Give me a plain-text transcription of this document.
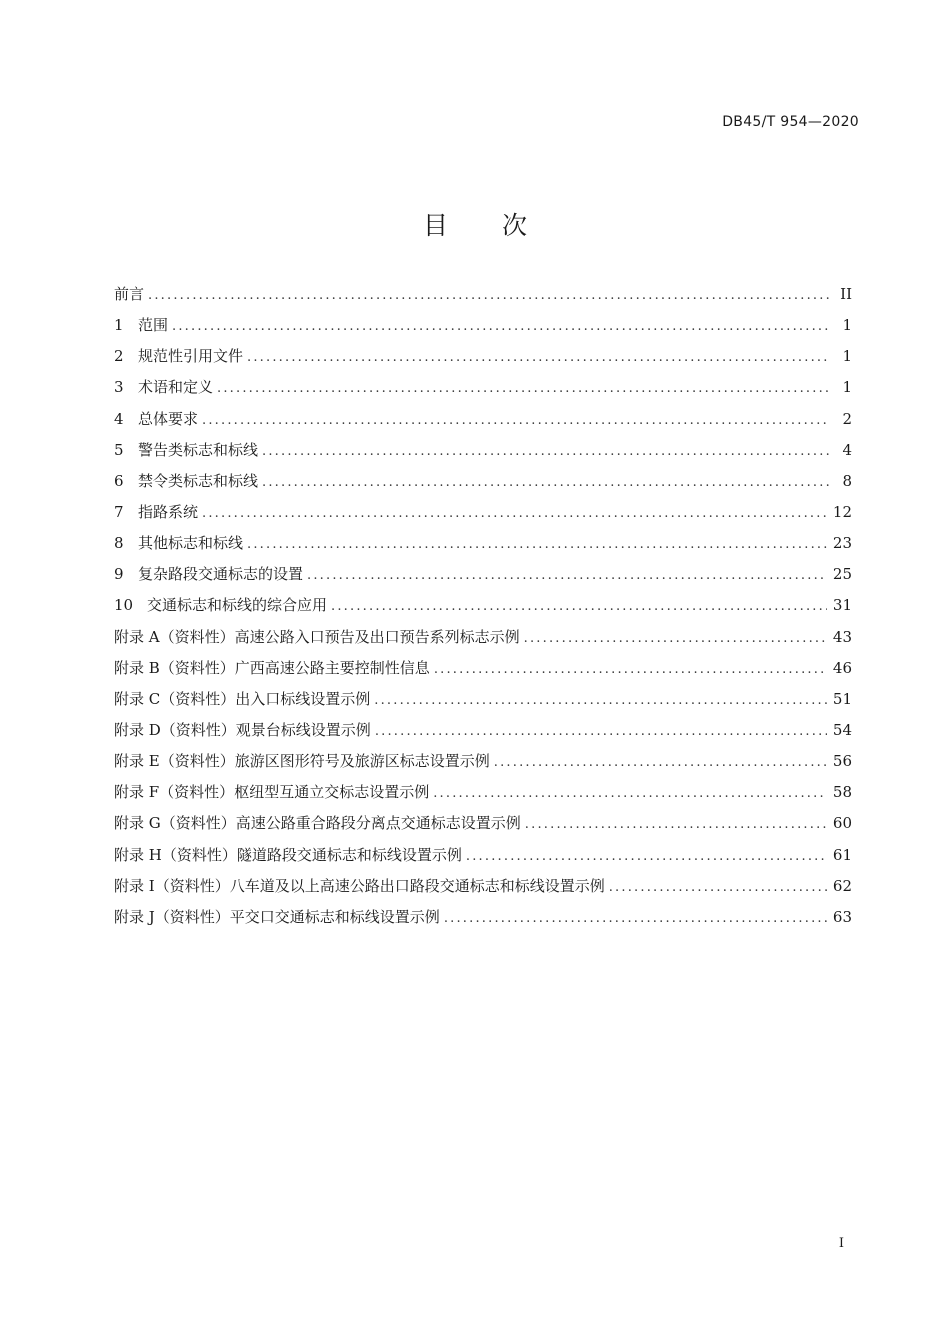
DB45/T 954—2020
目 次
前言 .....	II
1 范围 .....	1
2 规范性引用文件 .....	1
3 术语和定义 .....	1
4 总体要求 .....	2
5 警告类标志和标线 .....	4
6 禁令类标志和标线 .....	8
7 指路系统 .....	12
8 其他标志和标线 .....	23
9 复杂路段交通标志的设置 .....	25
10 交通标志和标线的综合应用 .....	31
附录 A（资料性） 高速公路入口预告及出口预告系列标志示例 .....	43
附录 B（资料性） 广西高速公路主要控制性信息 .....	46
附录 C（资料性） 出入口标线设置示例 .....	51
附录 D（资料性） 观景台标线设置示例 .....	54
附录 E（资料性） 旅游区图形符号及旅游区标志设置示例 .....	56
附录 F（资料性） 枢纽型互通立交标志设置示例 .....	58
附录 G（资料性） 高速公路重合路段分离点交通标志设置示例 .....	60
附录 H（资料性） 隧道路段交通标志和标线设置示例 .....	61
附录 I（资料性） 八车道及以上高速公路出口路段交通标志和标线设置示例 .....	62
附录 J（资料性） 平交口交通标志和标线设置示例 .....	63
I
